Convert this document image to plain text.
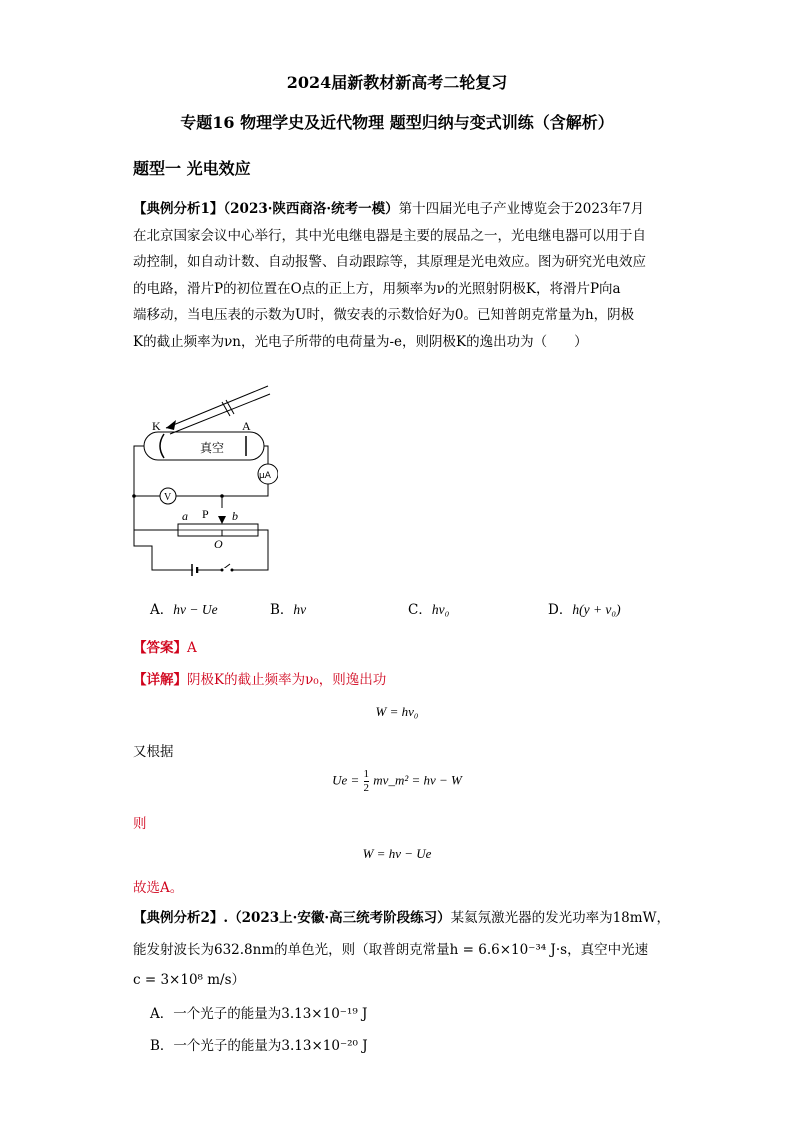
2024届新教材新高考二轮复习
专题16 物理学史及近代物理 题型归纳与变式训练（含解析）
题型一 光电效应
【典例分析1】（2023·陕西商洛·统考一模）第十四届光电子产业博览会于2023年7月
在北京国家会议中心举行，其中光电继电器是主要的展品之一，光电继电器可以用于自
动控制，如自动计数、自动报警、自动跟踪等，其原理是光电效应。图为研究光电效应
的电路，滑片P的初位置在O点的正上方，用频率为ν的光照射阴极K，将滑片P向a
端移动，当电压表的示数为U时，微安表的示数恰好为0。已知普朗克常量为h，阴极
K的截止频率为νn，光电子所带的电荷量为-e，则阴极K的逸出功为（　　）
K	A
真空
μA
V
P
a	b
O
A．hν − Ue	B．hν	C．hν₀	D．h(y + ν₀)
【答案】A
【详解】阴极K的截止频率为ν₀，则逸出功
W = hν₀
又根据
$Ue = \frac{1}{2}$ mν_m² = hν − W
则
W = hν − Ue
故选A。
【典例分析2】.（2023上·安徽·高三统考阶段练习）某氦氖激光器的发光功率为18mW，
能发射波长为632.8nm的单色光，则（取普朗克常量h = 6.6×10⁻³⁴ J·s，真空中光速
c = 3×10⁸ m/s）
A．一个光子的能量为3.13×10⁻¹⁹ J
B．一个光子的能量为3.13×10⁻²⁰ J
